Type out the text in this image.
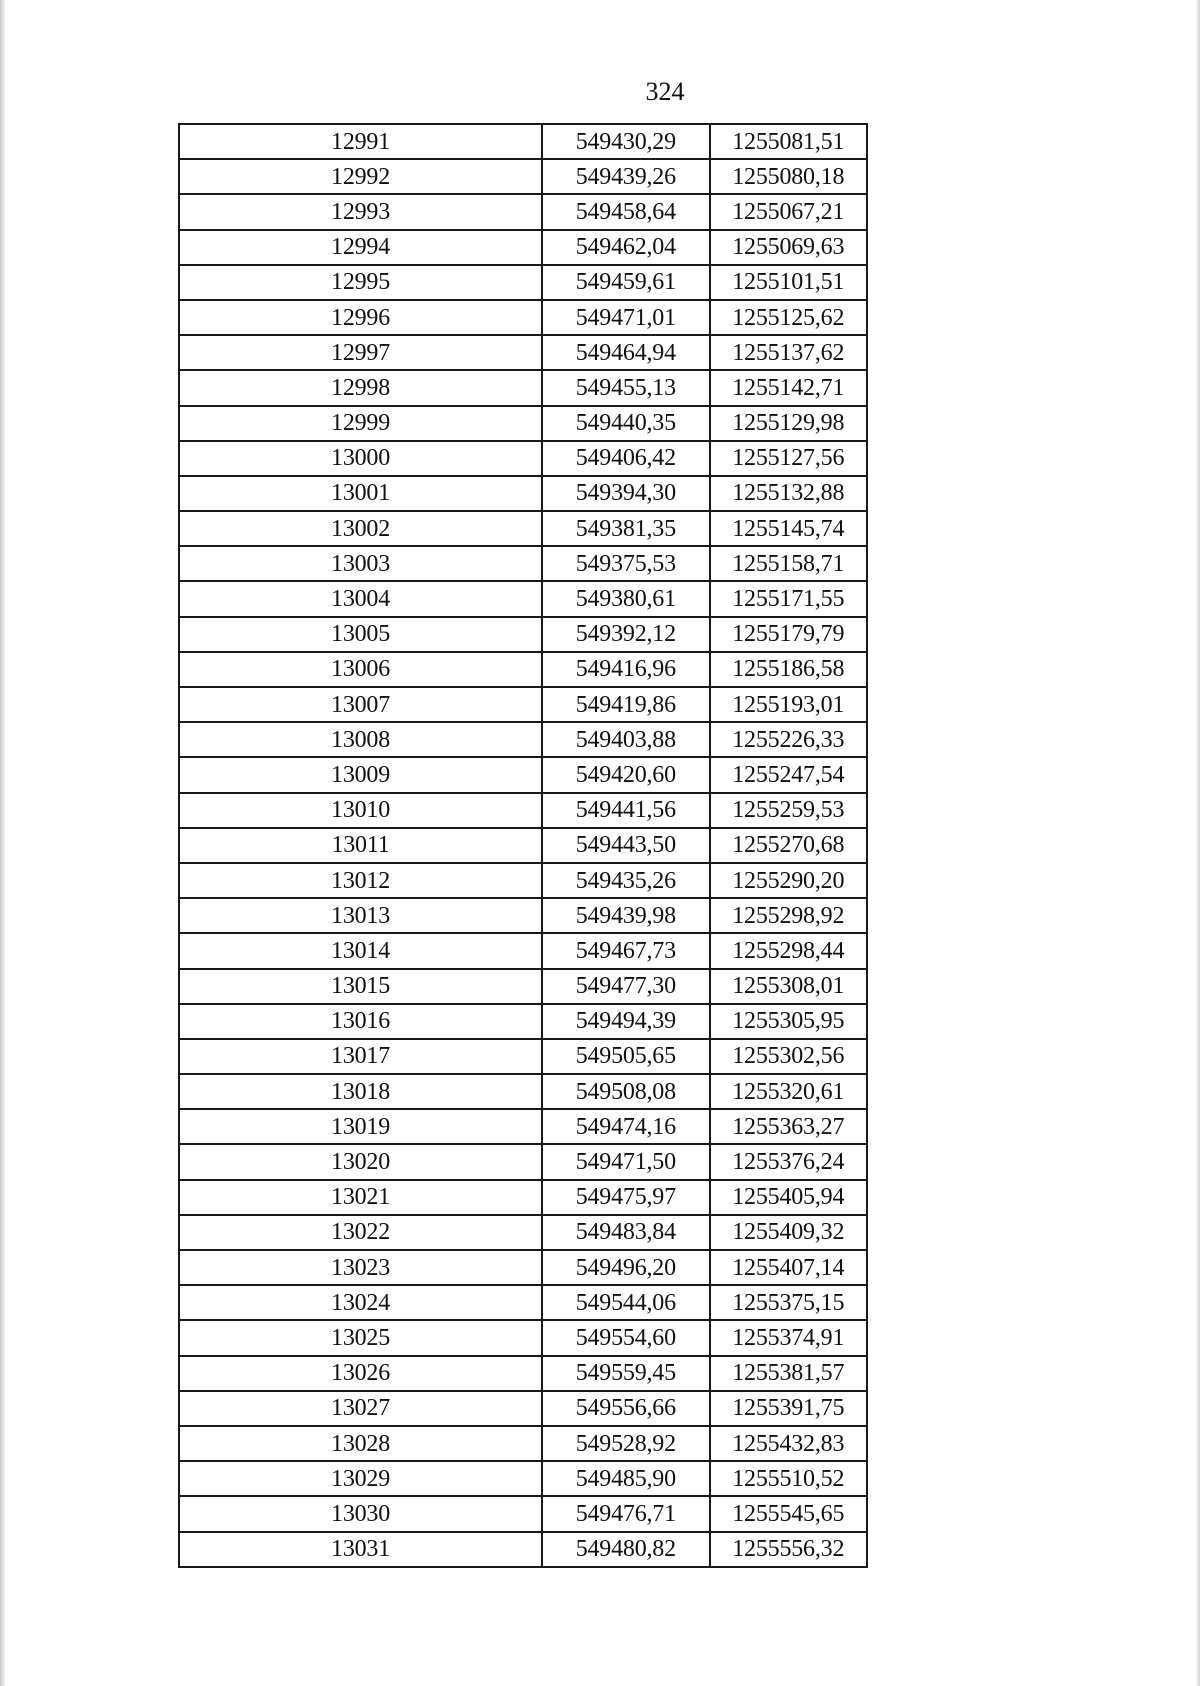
324
12991	549430,29	1255081,51
12992	549439,26	1255080,18
12993	549458,64	1255067,21
12994	549462,04	1255069,63
12995	549459,61	1255101,51
12996	549471,01	1255125,62
12997	549464,94	1255137,62
12998	549455,13	1255142,71
12999	549440,35	1255129,98
13000	549406,42	1255127,56
13001	549394,30	1255132,88
13002	549381,35	1255145,74
13003	549375,53	1255158,71
13004	549380,61	1255171,55
13005	549392,12	1255179,79
13006	549416,96	1255186,58
13007	549419,86	1255193,01
13008	549403,88	1255226,33
13009	549420,60	1255247,54
13010	549441,56	1255259,53
13011	549443,50	1255270,68
13012	549435,26	1255290,20
13013	549439,98	1255298,92
13014	549467,73	1255298,44
13015	549477,30	1255308,01
13016	549494,39	1255305,95
13017	549505,65	1255302,56
13018	549508,08	1255320,61
13019	549474,16	1255363,27
13020	549471,50	1255376,24
13021	549475,97	1255405,94
13022	549483,84	1255409,32
13023	549496,20	1255407,14
13024	549544,06	1255375,15
13025	549554,60	1255374,91
13026	549559,45	1255381,57
13027	549556,66	1255391,75
13028	549528,92	1255432,83
13029	549485,90	1255510,52
13030	549476,71	1255545,65
13031	549480,82	1255556,32
